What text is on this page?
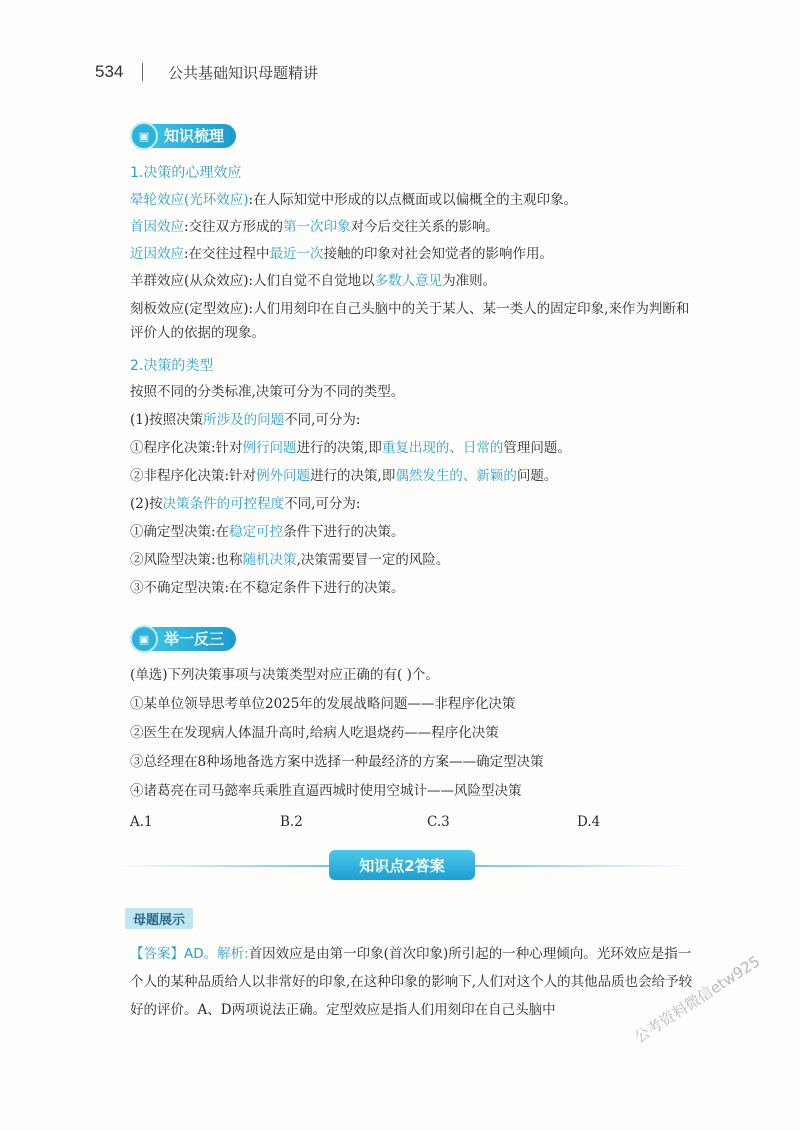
534	公共基础知识母题精讲
▣ 知识梳理
1.决策的心理效应
晕轮效应(光环效应):在人际知觉中形成的以点概面或以偏概全的主观印象。
首因效应:交往双方形成的第一次印象对今后交往关系的影响。
近因效应:在交往过程中最近一次接触的印象对社会知觉者的影响作用。
羊群效应(从众效应):人们自觉不自觉地以多数人意见为准则。
刻板效应(定型效应):人们用刻印在自己头脑中的关于某人、某一类人的固定印象,来作为判断和评价人的依据的现象。
2.决策的类型
按照不同的分类标准,决策可分为不同的类型。
(1)按照决策所涉及的问题不同,可分为:
①程序化决策:针对例行问题进行的决策,即重复出现的、日常的管理问题。
②非程序化决策:针对例外问题进行的决策,即偶然发生的、新颖的问题。
(2)按决策条件的可控程度不同,可分为:
①确定型决策:在稳定可控条件下进行的决策。
②风险型决策:也称随机决策,决策需要冒一定的风险。
③不确定型决策:在不稳定条件下进行的决策。
▣ 举一反三
(单选)下列决策事项与决策类型对应正确的有( )个。
①某单位领导思考单位2025年的发展战略问题——非程序化决策
②医生在发现病人体温升高时,给病人吃退烧药——程序化决策
③总经理在8种场地备选方案中选择一种最经济的方案——确定型决策
④诸葛亮在司马懿率兵乘胜直逼西城时使用空城计——风险型决策
A.1	B.2	C.3	D.4
知识点2答案
母题展示
【答案】AD。解析:首因效应是由第一印象(首次印象)所引起的一种心理倾向。光环效应是指一个人的某种品质给人以非常好的印象,在这种印象的影响下,人们对这个人的其他品质也会给予较好的评价。A、D两项说法正确。定型效应是指人们用刻印在自己头脑中	公考资料微信etw925
